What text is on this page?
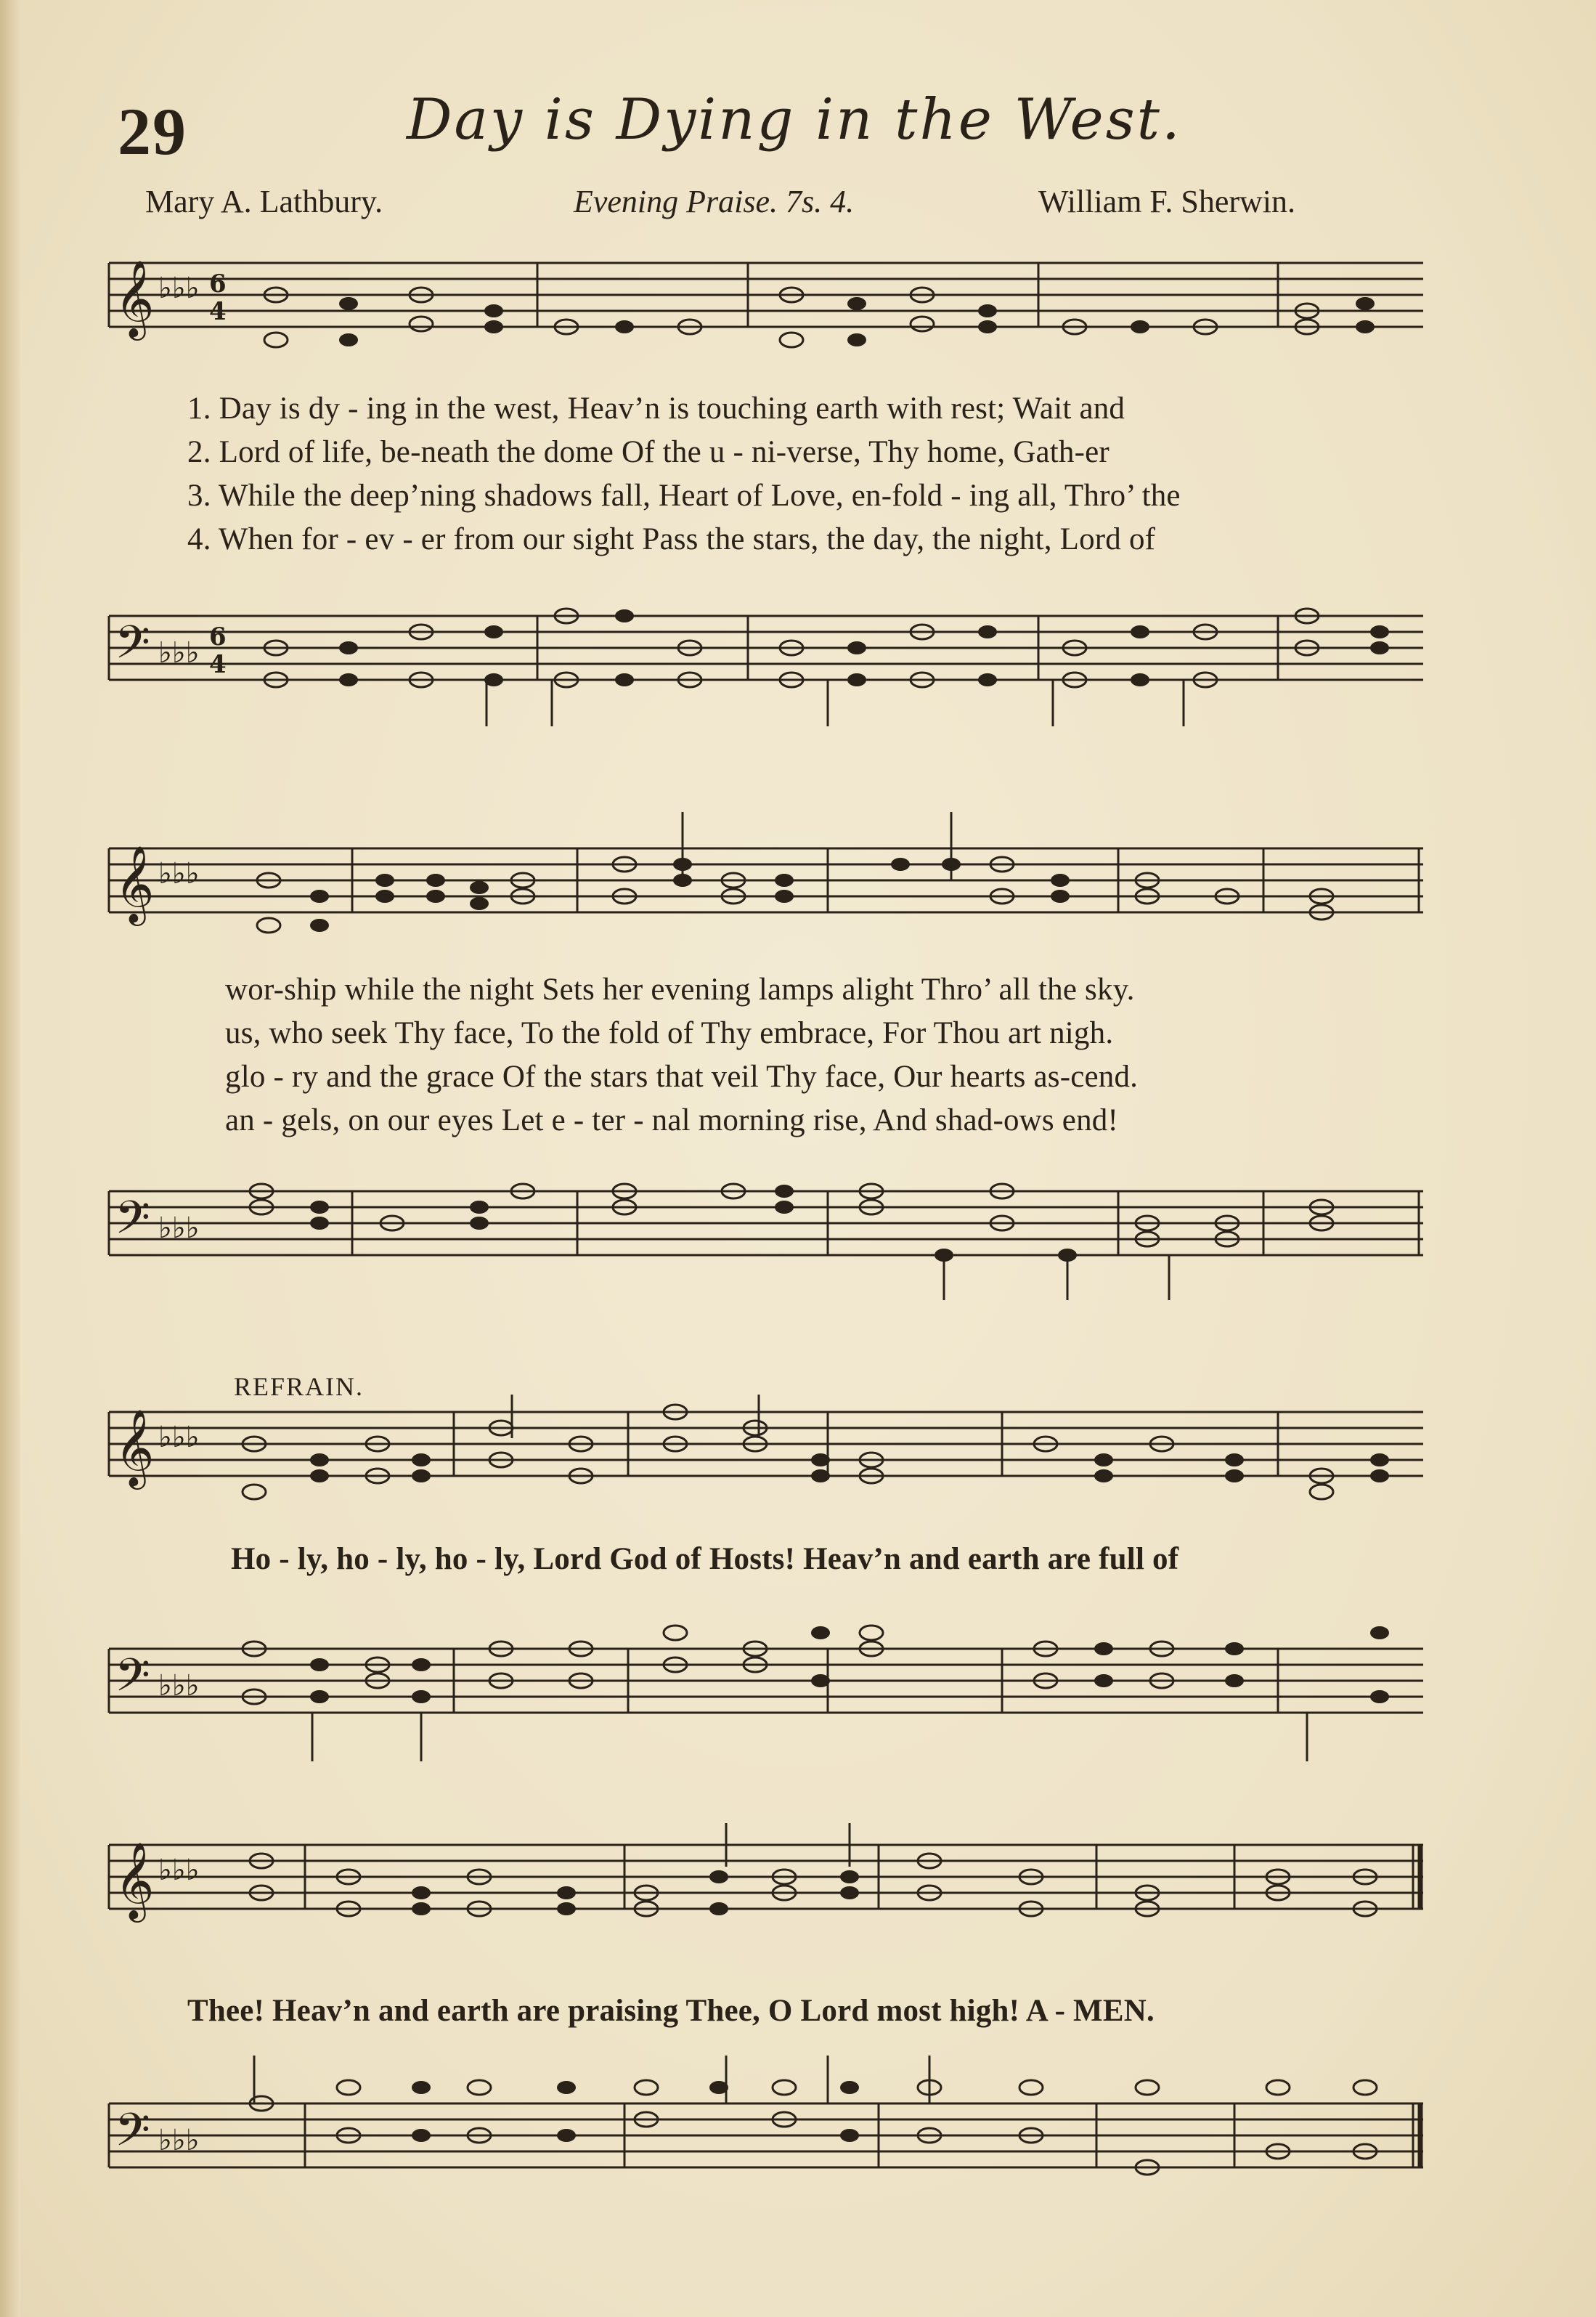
29	Day is Dying in the West.
Mary A. Lathbury.	Evening Praise. 7s. 4.	William F. Sherwin.
𝄞 ♭♭♭ 6
4
1. Day is dy - ing in the west, Heav’n is touching earth with rest; Wait and
2. Lord of life, be-neath the dome Of the u - ni-verse, Thy home, Gath-er
3. While the deep’ning shadows fall, Heart of Love, en-fold - ing all, Thro’ the
4. When for - ev - er from our sight Pass the stars, the day, the night, Lord of
𝄢 ♭♭♭ 6
4
𝄞 ♭♭♭
wor-ship while the night Sets her evening lamps alight Thro’ all the sky.
us, who seek Thy face, To the fold of Thy embrace, For Thou art nigh.
glo - ry and the grace Of the stars that veil Thy face, Our hearts as-cend.
an - gels, on our eyes Let e - ter - nal morning rise, And shad-ows end!
𝄢 ♭♭♭
REFRAIN.
𝄞 ♭♭♭
Ho - ly, ho - ly, ho - ly, Lord God of Hosts! Heav’n and earth are full of
𝄢 ♭♭♭
𝄞 ♭♭♭
Thee! Heav’n and earth are praising Thee, O Lord most high! A - MEN.
𝄢 ♭♭♭
